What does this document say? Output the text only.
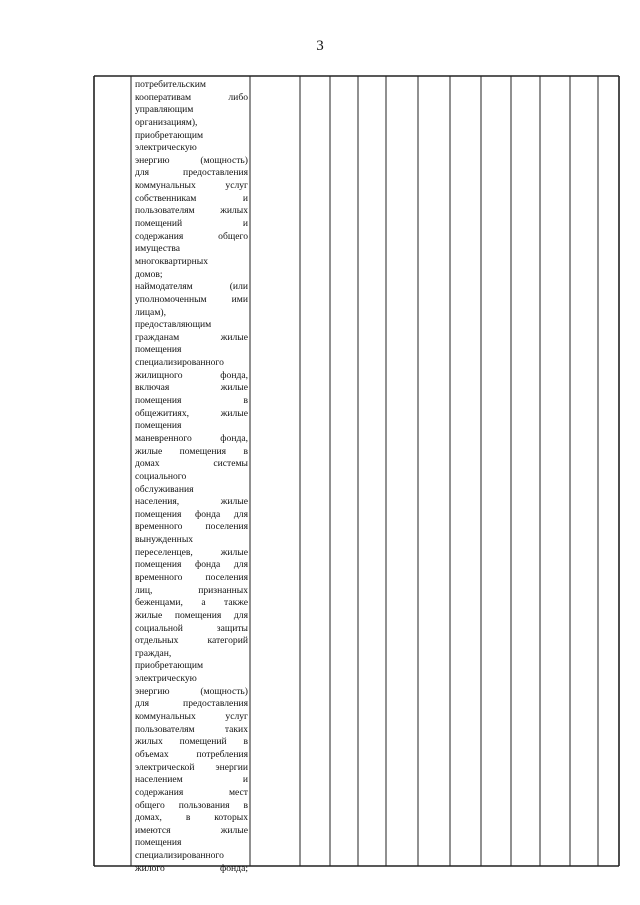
3
потребительским
кооперативам либо
управляющим
организациям),
приобретающим
электрическую
энергию (мощность)
для предоставления
коммунальных услуг
собственникам и
пользователям жилых
помещений и
содержания общего
имущества
многоквартирных
домов;
наймодателям (или
уполномоченным ими
лицам),
предоставляющим
гражданам жилые
помещения
специализированного
жилищного фонда,
включая жилые
помещения в
общежитиях, жилые
помещения
маневренного фонда,
жилые помещения в
домах системы
социального
обслуживания
населения, жилые
помещения фонда для
временного поселения
вынужденных
переселенцев, жилые
помещения фонда для
временного поселения
лиц, признанных
беженцами, а также
жилые помещения для
социальной защиты
отдельных категорий
граждан,
приобретающим
электрическую
энергию (мощность)
для предоставления
коммунальных услуг
пользователям таких
жилых помещений в
объемах потребления
электрической энергии
населением и
содержания мест
общего пользования в
домах, в которых
имеются жилые
помещения
специализированного
жилого фонда;
